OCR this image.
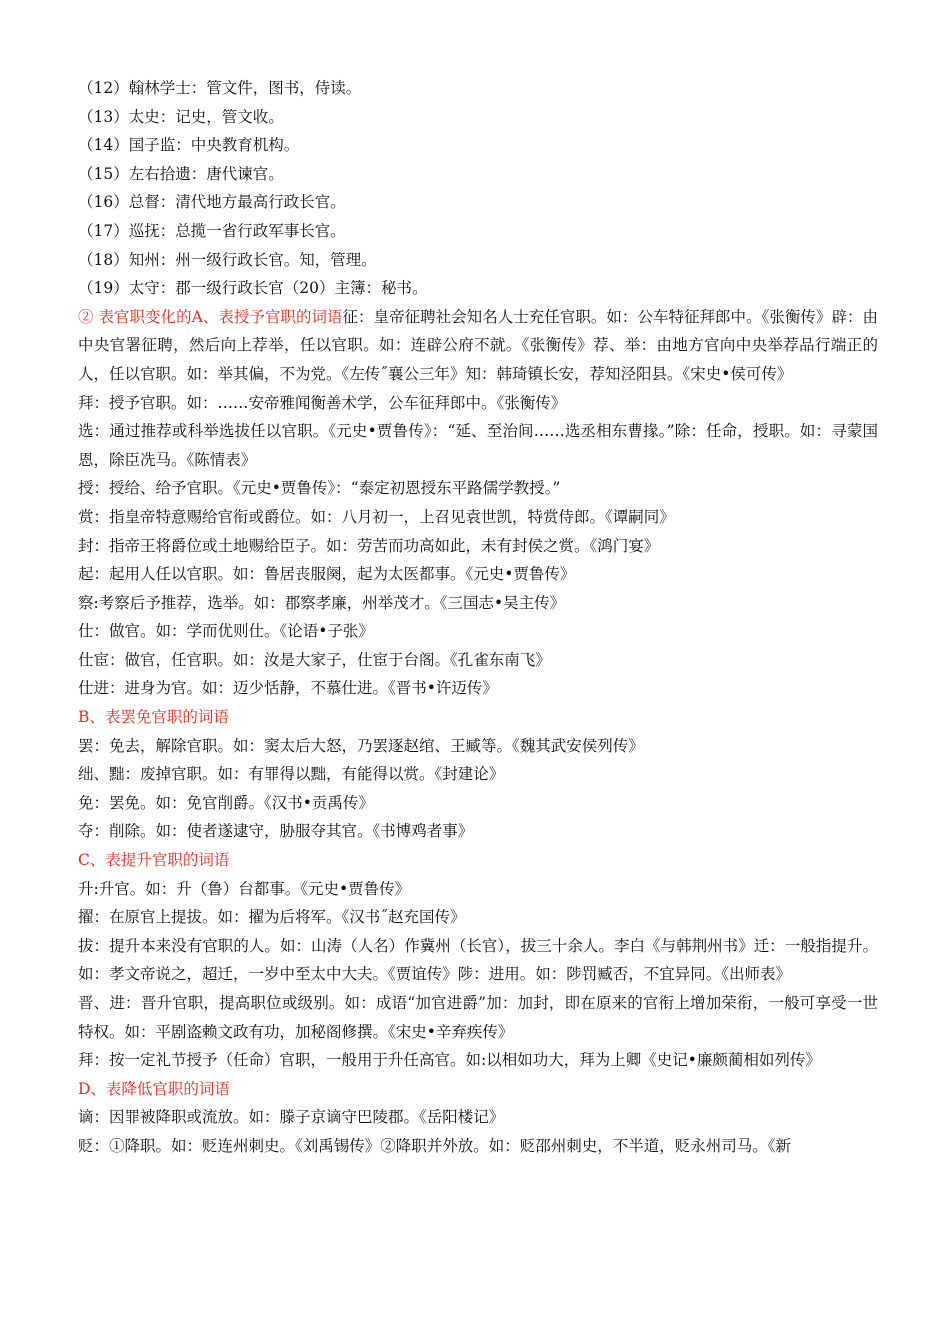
（12）翰林学士：管文件，图书，侍读。

（13）太史：记史，管文收。

（14）国子监：中央教育机构。

（15）左右拾遗：唐代谏官。

（16）总督：清代地方最高行政长官。

（17）巡抚：总揽一省行政军事长官。

（18）知州：州一级行政长官。知，管理。

（19）太守：郡一级行政长官（20）主簿：秘书。

② 表官职变化的A、表授予官职的词语征：皇帝征聘社会知名人士充任官职。如：公车特征拜郎中。《张衡传》辟：由中央官署征聘，然后向上荐举，任以官职。如：连辟公府不就。《张衡传》荐、举：由地方官向中央举荐品行端正的人，任以官职。如：举其偏，不为党。《左传˝襄公三年》知：韩琦镇长安，荐知泾阳县。《宋史•侯可传》

拜：授予官职。如：……安帝雅闻衡善术学，公车征拜郎中。《张衡传》

选：通过推荐或科举选拔任以官职。《元史•贾鲁传》：“延、至治间……选丞相东曹掾。”除：任命，授职。如：寻蒙国恩，除臣冼马。《陈情表》

授：授给、给予官职。《元史•贾鲁传》：“泰定初恩授东平路儒学教授。”

赏：指皇帝特意赐给官衔或爵位。如：八月初一，上召见袁世凯，特赏侍郎。《谭嗣同》

封：指帝王将爵位或土地赐给臣子。如：劳苦而功高如此，未有封侯之赏。《鸿门宴》

起：起用人任以官职。如：鲁居丧服阕，起为太医都事。《元史•贾鲁传》

察:考察后予推荐，选举。如：郡察孝廉，州举茂才。《三国志•吴主传》

仕：做官。如：学而优则仕。《论语•子张》

仕宦：做官，任官职。如：汝是大家子，仕宦于台阁。《孔雀东南飞》

仕进：进身为官。如：迈少恬静，不慕仕进。《晋书•许迈传》

B、表罢免官职的词语

罢：免去，解除官职。如：窦太后大怒，乃罢逐赵绾、王臧等。《魏其武安侯列传》

绌、黜：废掉官职。如：有罪得以黜，有能得以赏。《封建论》

免：罢免。如：免官削爵。《汉书•贡禹传》

夺：削除。如：使者遂逮守，胁服夺其官。《书博鸡者事》

C、表提升官职的词语

升:升官。如：升（鲁）台都事。《元史•贾鲁传》

擢：在原官上提拔。如：擢为后将军。《汉书˝赵充国传》

拔：提升本来没有官职的人。如：山涛（人名）作冀州（长官），拔三十余人。李白《与韩荆州书》迁：一般指提升。如：孝文帝说之，超迁，一岁中至太中大夫。《贾谊传》陟：进用。如：陟罚臧否，不宜异同。《出师表》

晋、进：晋升官职，提高职位或级别。如：成语“加官进爵”加：加封，即在原来的官衔上增加荣衔，一般可享受一世特权。如：平剧盗赖文政有功，加秘阁修撰。《宋史•辛弃疾传》

拜：按一定礼节授予（任命）官职，一般用于升任高官。如:以相如功大，拜为上卿《史记•廉颇蔺相如列传》

D、表降低官职的词语

谪：因罪被降职或流放。如：滕子京谪守巴陵郡。《岳阳楼记》

贬：①降职。如：贬连州刺史。《刘禹锡传》②降职并外放。如：贬邵州刺史，不半道，贬永州司马。《新
